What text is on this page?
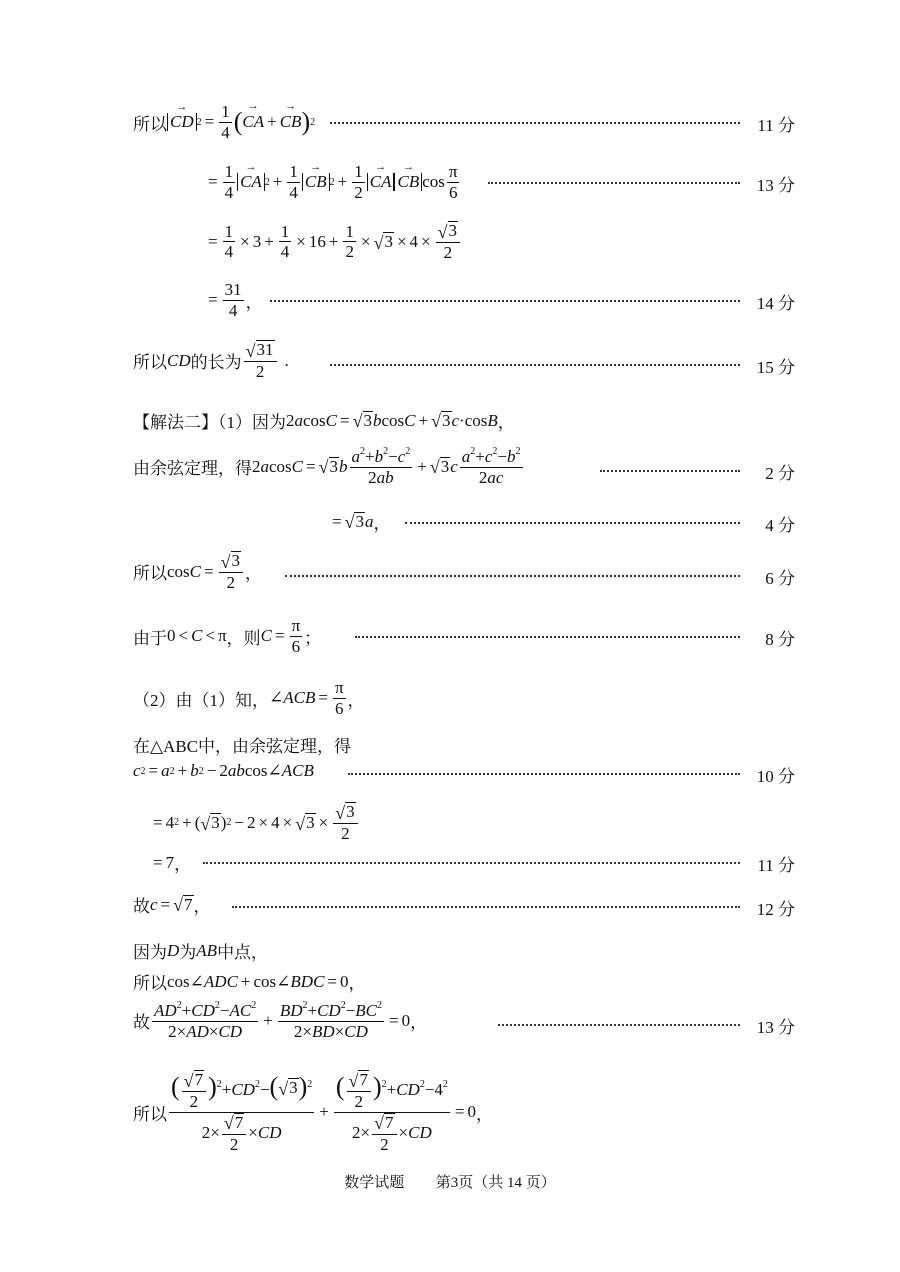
所以 → CD $2 = \frac{1}{4}$ ( → CA + → CB ) 2	11 分
= $\frac{1}{4}$ → CA $2 + \frac{1}{4}$ → CB $2 + \frac{1}{2}$ → CA → CB $\cos \frac{\pi}{6}$	13 分
= $\frac{1}{4} \times 3 + \frac{1}{4} \times 16 + \frac{1}{2}$ × √ $3 \times 4 \times \frac{√ 3}{2}$
= $\frac{31}{4}$ ，	14 分
所以 CD 的长为 $\frac{√ 31}{2}$ .	15 分
【解法二】（1）因为 2acosC = √ 3 b cos C + √ 3 c ·cos B ，
由余弦定理，得 2acosC = √ 3 b $\frac{a^2+b^2-c^2}{2ab}$ + √ 3 c $\frac{a^2+c^2-b^2}{2ac}$	2 分
= √ 3 a ，	4 分
所以 $\cos C = \frac{√ 3}{2}$ ，	6 分
由于 0 < C < π ，则 $C = \frac{\pi}{6}$ ；	8 分
（2）由（1）知， ∠ACB = $\frac{\pi}{6}$ ，
在△ABC中，由余弦定理，得
c 2 = a 2 + b 2 − 2 ab cos∠ ACB	10 分
= 4 2 + ( √ 3 ) 2 − 2 × 4 × √ $3 \times \frac{√ 3}{2}$
= 7 ，	11 分
故 c = √ 7 ，	12 分
因为 D 为 AB 中点，
所以 cos∠ADC + cos∠BDC = 0 ，
故 $\frac{AD^2+CD^2-AC^2}{2\times AD\times CD} + \frac{BD^2+CD^2-BC^2}{2\times BD\times CD} = 0$ ，	13 分
所以 $\frac{( \frac{√ 7}{2} )^2+CD^2-( √ 3 )^2}{2\times \frac{√ 7}{2} \times CD} + \frac{( \frac{√ 7}{2} )^2+CD^2-4^2}{2\times \frac{√ 7}{2} \times CD} = 0$ ，
数学试题 第3页（共 14 页）
